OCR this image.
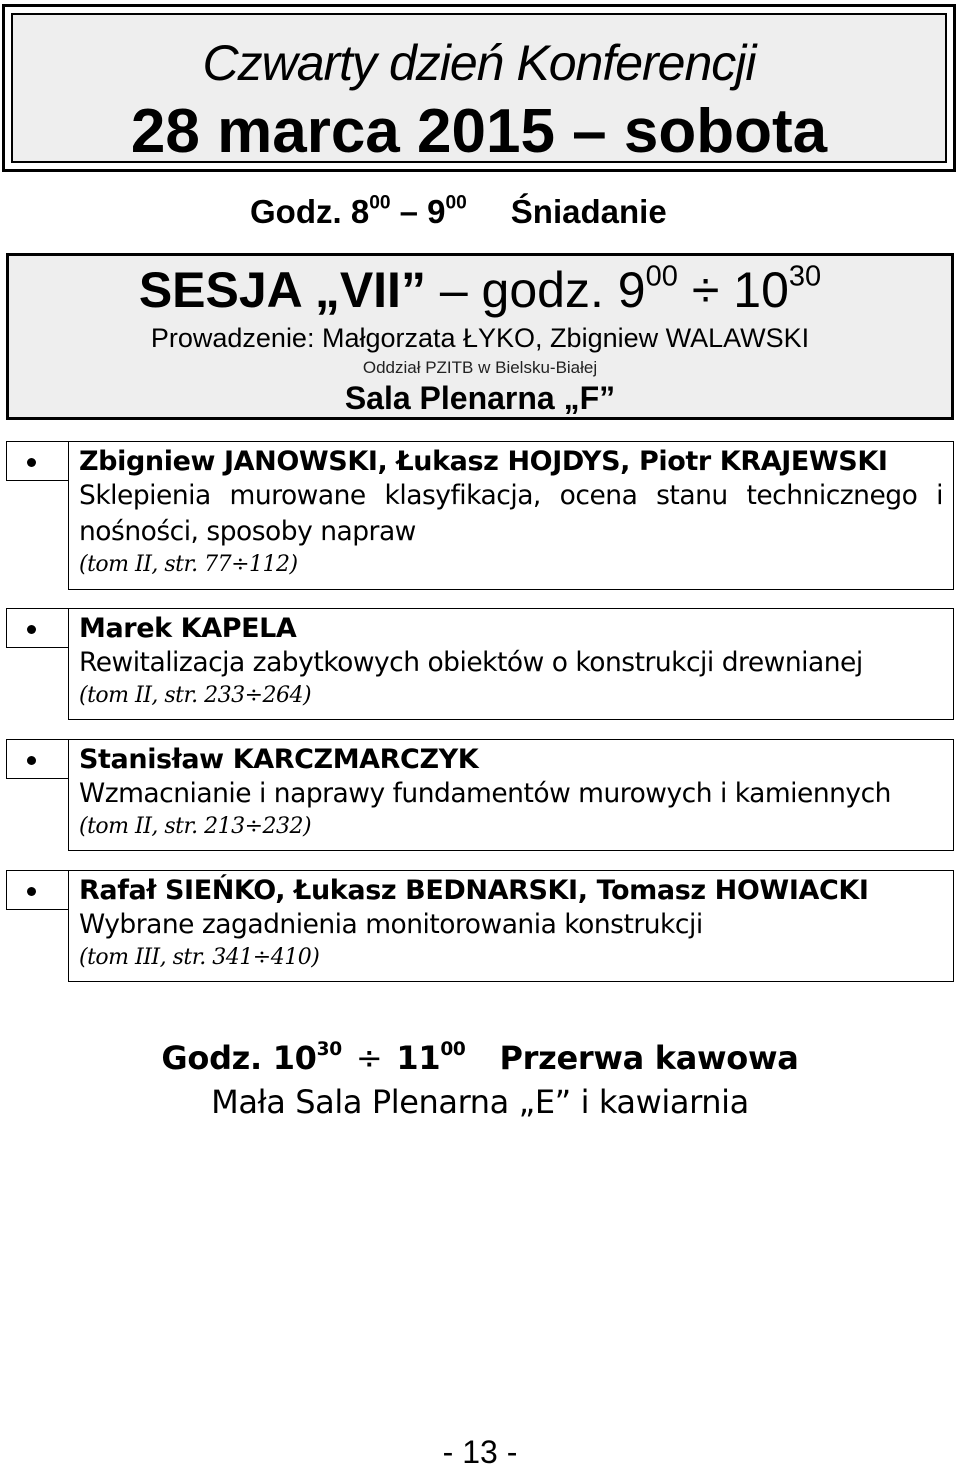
Czwarty dzień Konferencji
28 marca 2015 – sobota
Godz. $8^{00} - 9^{00}$ Śniadanie
SESJA „VII” – godz. $9^{00} \div 10^{30}$
Prowadzenie: Małgorzata ŁYKO, Zbigniew WALAWSKI
Oddział PZITB w Bielsku-Białej
Sala Plenarna „F”
Zbigniew JANOWSKI, Łukasz HOJDYS, Piotr KRAJEWSKI
Sklepienia murowane klasyfikacja, ocena stanu technicznego i nośności, sposoby napraw
(tom II, str. 77÷112)
Marek KAPELA
Rewitalizacja zabytkowych obiektów o konstrukcji drewnianej
(tom II, str. 233÷264)
Stanisław KARCZMARCZYK
Wzmacnianie i naprawy fundamentów murowych i kamiennych
(tom II, str. 213÷232)
Rafał SIEŃKO, Łukasz BEDNARSKI, Tomasz HOWIACKI
Wybrane zagadnienia monitorowania konstrukcji
(tom III, str. 341÷410)
Godz. $10^{30} \div 11^{00}$ Przerwa kawowa
Mała Sala Plenarna „E” i kawiarnia
- 13 -
